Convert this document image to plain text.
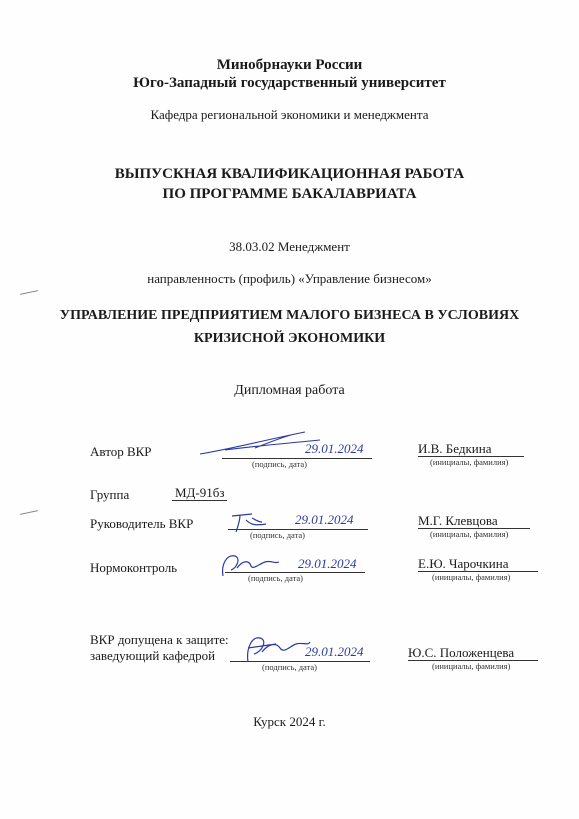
Минобрнауки России
Юго-Западный государственный университет
Кафедра региональной экономики и менеджмента
ВЫПУСКНАЯ КВАЛИФИКАЦИОННАЯ РАБОТА
ПО ПРОГРАММЕ БАКАЛАВРИАТА
38.03.02 Менеджмент
направленность (профиль) «Управление бизнесом»
УПРАВЛЕНИЕ ПРЕДПРИЯТИЕМ МАЛОГО БИЗНЕСА В УСЛОВИЯХ
КРИЗИСНОЙ ЭКОНОМИКИ
Дипломная работа
Автор ВКР	29.01.2024
(подпись, дата)
И.В. Бедкина
(инициалы, фамилия)
Группа	МД-91бз
Руководитель ВКР	29.01.2024
(подпись, дата)
М.Г. Клевцова
(инициалы, фамилия)
Нормоконтроль	29.01.2024
(подпись, дата)
Е.Ю. Чарочкина
(инициалы, фамилия)
ВКР допущена к защите:
заведующий кафедрой	29.01.2024
(подпись, дата)
Ю.С. Положенцева
(инициалы, фамилия)
Курск 2024 г.
